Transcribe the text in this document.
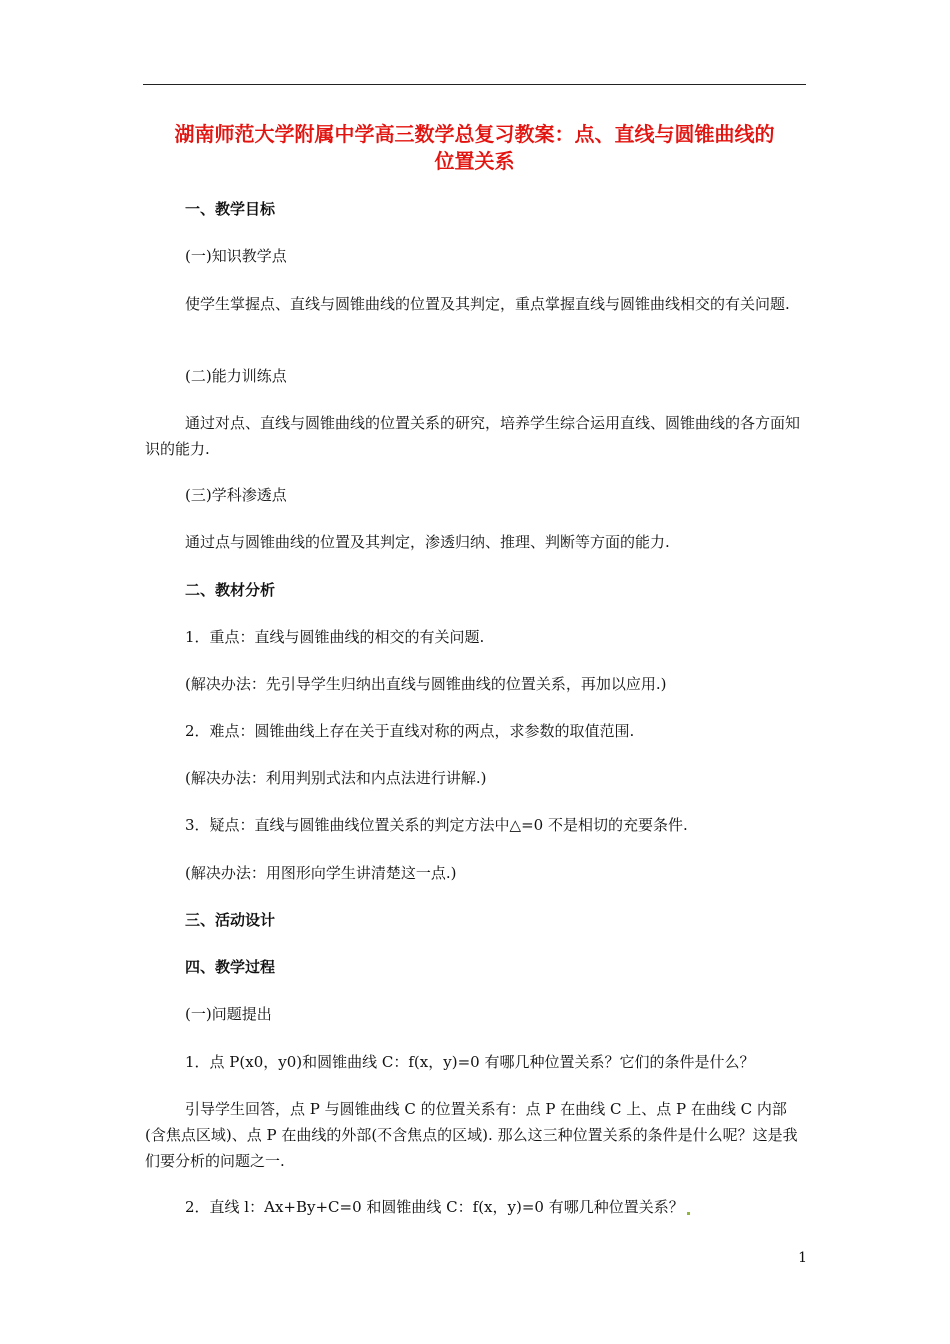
湖南师范大学附属中学高三数学总复习教案：点、直线与圆锥曲线的
位置关系
一、教学目标
(一)知识教学点
使学生掌握点、直线与圆锥曲线的位置及其判定，重点掌握直线与圆锥曲线相交的有关问题.
(二)能力训练点
通过对点、直线与圆锥曲线的位置关系的研究，培养学生综合运用直线、圆锥曲线的各方面知识的能力.
(三)学科渗透点
通过点与圆锥曲线的位置及其判定，渗透归纳、推理、判断等方面的能力.
二、教材分析
1．重点：直线与圆锥曲线的相交的有关问题.
(解决办法：先引导学生归纳出直线与圆锥曲线的位置关系，再加以应用.)
2．难点：圆锥曲线上存在关于直线对称的两点，求参数的取值范围.
(解决办法：利用判别式法和内点法进行讲解.)
3．疑点：直线与圆锥曲线位置关系的判定方法中△=0 不是相切的充要条件.
(解决办法：用图形向学生讲清楚这一点.)
三、活动设计
四、教学过程
(一)问题提出
1．点 P(x0，y0)和圆锥曲线 C：f(x，y)=0 有哪几种位置关系？它们的条件是什么？
引导学生回答，点 P 与圆锥曲线 C 的位置关系有：点 P 在曲线 C 上、点 P 在曲线 C 内部(含焦点区域)、点 P 在曲线的外部(不含焦点的区域). 那么这三种位置关系的条件是什么呢？这是我们要分析的问题之一.
2．直线 l：Ax+By+C=0 和圆锥曲线 C：f(x，y)=0 有哪几种位置关系？
1
